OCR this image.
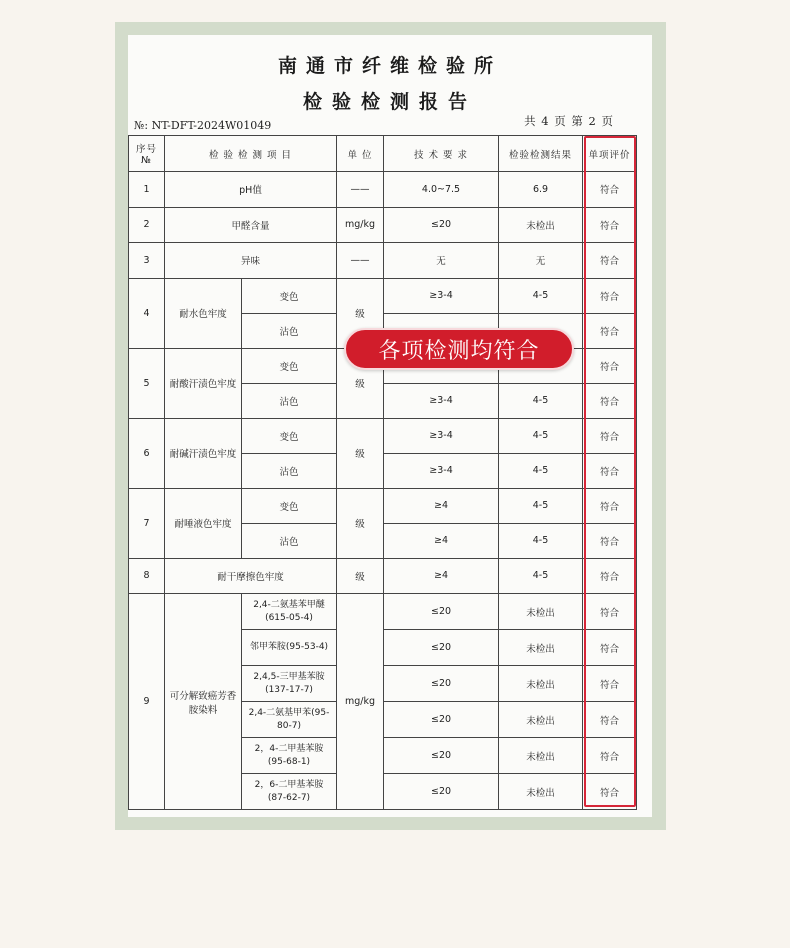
南通市纤维检验所
检验检测报告
№: NT-DFT-2024W01049	共 4 页 第 2 页
序号
№	检 验 检 测 项 目		单 位	技 术 要 求	检验检测结果	单项评价
1	pH值		——	4.0~7.5	6.9	符合
2	甲醛含量		mg/kg	≤20	未检出	符合
3	异味		——	无	无	符合
4	耐水色牢度	变色	级	≥3-4	4-5	符合
		沾色				符合
5	耐酸汗渍色牢度	变色	级			符合
		沾色		≥3-4	4-5	符合
6	耐碱汗渍色牢度	变色	级	≥3-4	4-5	符合
		沾色		≥3-4	4-5	符合
7	耐唾液色牢度	变色	级	≥4	4-5	符合
		沾色		≥4	4-5	符合
8	耐干摩擦色牢度		级	≥4	4-5	符合
9	可分解致癌芳香胺染料	2,4-二氨基苯甲醚
(615-05-4)	mg/kg	≤20	未检出	符合
		邻甲苯胺(95-53-4)		≤20	未检出	符合
		2,4,5-三甲基苯胺
(137-17-7)		≤20	未检出	符合
		2,4-二氨基甲苯(95-
80-7)		≤20	未检出	符合
		2，4-二甲基苯胺
(95-68-1)		≤20	未检出	符合
		2，6-二甲基苯胺
(87-62-7)		≤20	未检出	符合
各项检测均符合
